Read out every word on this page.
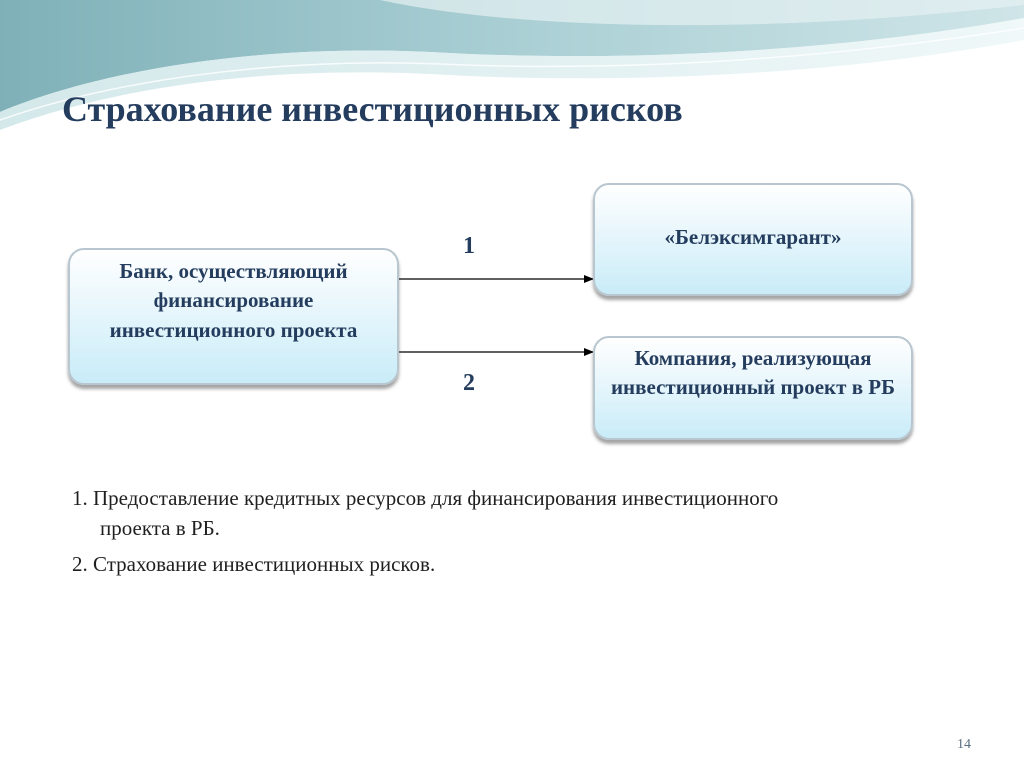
Страхование инвестиционных рисков
Банк, осуществляющий финансирование инвестиционного проекта
«Белэксимгарант»
Компания, реализующая инвестиционный проект в РБ
1
2

1. Предоставление кредитных ресурсов для финансирования инвестиционного проекта в РБ.

2. Страхование инвестиционных рисков.

14
